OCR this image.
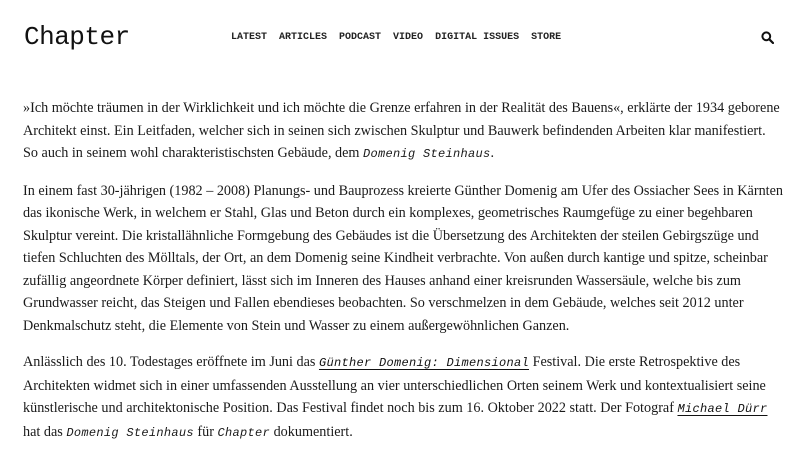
Chapter	LATEST ARTICLES PODCAST VIDEO DIGITAL ISSUES STORE

»Ich möchte träumen in der Wirklichkeit und ich möchte die Grenze erfahren in der Realität des Bauens«, erklärte der 1934 geborene Architekt einst. Ein Leitfaden, welcher sich in seinen sich zwischen Skulptur und Bauwerk befindenden Arbeiten klar manifestiert. So auch in seinem wohl charakteristischsten Gebäude, dem Domenig Steinhaus.

In einem fast 30-jährigen (1982 – 2008) Planungs- und Bauprozess kreierte Günther Domenig am Ufer des Ossiacher Sees in Kärnten das ikonische Werk, in welchem er Stahl, Glas und Beton durch ein komplexes, geometrisches Raumgefüge zu einer begehbaren Skulptur vereint. Die kristallähnliche Formgebung des Gebäudes ist die Übersetzung des Architekten der steilen Gebirgszüge und tiefen Schluchten des Mölltals, der Ort, an dem Domenig seine Kindheit verbrachte. Von außen durch kantige und spitze, scheinbar zufällig angeordnete Körper definiert, lässt sich im Inneren des Hauses anhand einer kreisrunden Wassersäule, welche bis zum Grundwasser reicht, das Steigen und Fallen ebendieses beobachten. So verschmelzen in dem Gebäude, welches seit 2012 unter Denkmalschutz steht, die Elemente von Stein und Wasser zu einem außergewöhnlichen Ganzen.

Anlässlich des 10. Todestages eröffnete im Juni das Günther Domenig: Dimensional Festival. Die erste Retrospektive des Architekten widmet sich in einer umfassenden Ausstellung an vier unterschiedlichen Orten seinem Werk und kontextualisiert seine künstlerische und architektonische Position. Das Festival findet noch bis zum 16. Oktober 2022 statt. Der Fotograf Michael Dürr hat das Domenig Steinhaus für Chapter dokumentiert.
